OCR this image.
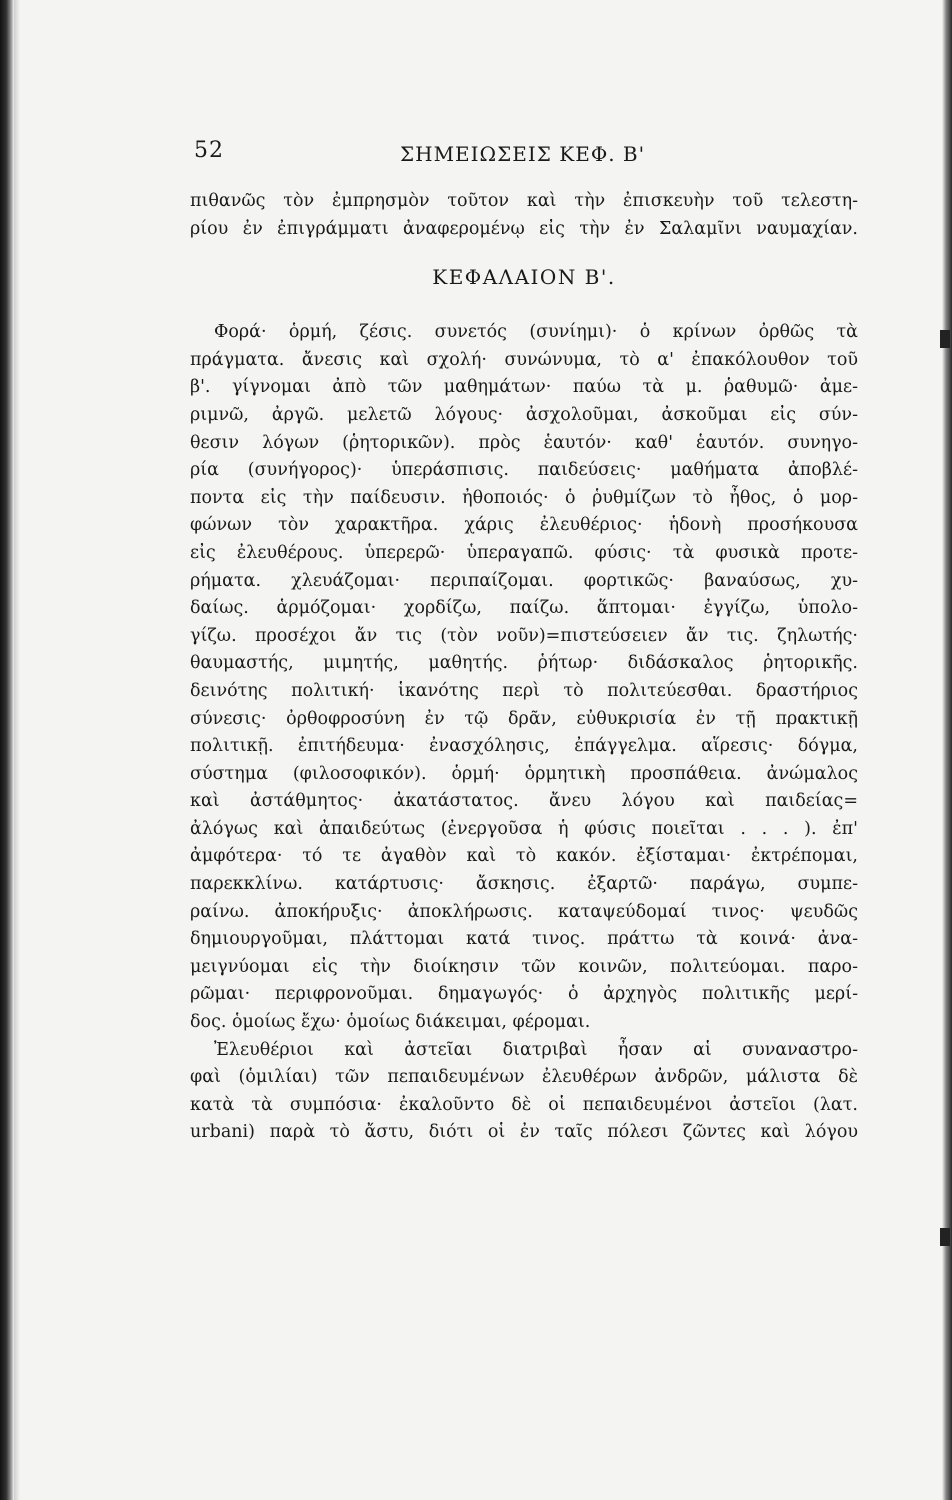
52	ΣΗΜΕΙΩΣΕΙΣ ΚΕΦ. Β'
πιθανῶς τὸν ἐμπρησμὸν τοῦτον καὶ τὴν ἐπισκευὴν τοῦ τελεστη-
ρίου ἐν ἐπιγράμματι ἀναφερομένῳ εἰς τὴν ἐν Σαλαμῖνι ναυμαχίαν.
ΚΕΦΑΛΑΙΟΝ Β'.
Φορά· ὁρμή, ζέσις. συνετός (συνίημι)· ὁ κρίνων ὀρθῶς τὰ
πράγματα. ἄνεσις καὶ σχολή· συνώνυμα, τὸ α' ἐπακόλουθον τοῦ
β'. γίγνομαι ἀπὸ τῶν μαθημάτων· παύω τὰ μ. ῥαθυμῶ· ἀμε-
ριμνῶ, ἀργῶ. μελετῶ λόγους· ἀσχολοῦμαι, ἀσκοῦμαι εἰς σύν-
θεσιν λόγων (ῥητορικῶν). πρὸς ἑαυτόν· καθ' ἑαυτόν. συνηγο-
ρία (συνήγορος)· ὑπεράσπισις. παιδεύσεις· μαθήματα ἀποβλέ-
ποντα εἰς τὴν παίδευσιν. ἠθοποιός· ὁ ῥυθμίζων τὸ ἦθος, ὁ μορ-
φώνων τὸν χαρακτῆρα. χάρις ἐλευθέριος· ἡδονὴ προσήκουσα
εἰς ἐλευθέρους. ὑπερερῶ· ὑπεραγαπῶ. φύσις· τὰ φυσικὰ προτε-
ρήματα. χλευάζομαι· περιπαίζομαι. φορτικῶς· βαναύσως, χυ-
δαίως. ἁρμόζομαι· χορδίζω, παίζω. ἅπτομαι· ἐγγίζω, ὑπολο-
γίζω. προσέχοι ἄν τις (τὸν νοῦν)=πιστεύσειεν ἄν τις. ζηλωτής·
θαυμαστής, μιμητής, μαθητής. ῥήτωρ· διδάσκαλος ῥητορικῆς.
δεινότης πολιτική· ἱκανότης περὶ τὸ πολιτεύεσθαι. δραστήριος
σύνεσις· ὀρθοφροσύνη ἐν τῷ δρᾶν, εὐθυκρισία ἐν τῇ πρακτικῇ
πολιτικῇ. ἐπιτήδευμα· ἐνασχόλησις, ἐπάγγελμα. αἵρεσις· δόγμα,
σύστημα (φιλοσοφικόν). ὁρμή· ὁρμητικὴ προσπάθεια. ἀνώμαλος
καὶ ἀστάθμητος· ἀκατάστατος. ἄνευ λόγου καὶ παιδείας=
ἀλόγως καὶ ἀπαιδεύτως (ἐνεργοῦσα ἡ φύσις ποιεῖται . . . ). ἐπ'
ἀμφότερα· τό τε ἀγαθὸν καὶ τὸ κακόν. ἐξίσταμαι· ἐκτρέπομαι,
παρεκκλίνω. κατάρτυσις· ἄσκησις. ἐξαρτῶ· παράγω, συμπε-
ραίνω. ἀποκήρυξις· ἀποκλήρωσις. καταψεύδομαί τινος· ψευδῶς
δημιουργοῦμαι, πλάττομαι κατά τινος. πράττω τὰ κοινά· ἀνα-
μειγνύομαι εἰς τὴν διοίκησιν τῶν κοινῶν, πολιτεύομαι. παρο-
ρῶμαι· περιφρονοῦμαι. δημαγωγός· ὁ ἀρχηγὸς πολιτικῆς μερί-
δος. ὁμοίως ἔχω· ὁμοίως διάκειμαι, φέρομαι.
Ἐλευθέριοι καὶ ἀστεῖαι διατριβαὶ ἦσαν αἱ συναναστρο-
φαὶ (ὁμιλίαι) τῶν πεπαιδευμένων ἐλευθέρων ἀνδρῶν, μάλιστα δὲ
κατὰ τὰ συμπόσια· ἐκαλοῦντο δὲ οἱ πεπαιδευμένοι ἀστεῖοι (λατ.
urbani) παρὰ τὸ ἄστυ, διότι οἱ ἐν ταῖς πόλεσι ζῶντες καὶ λόγου
